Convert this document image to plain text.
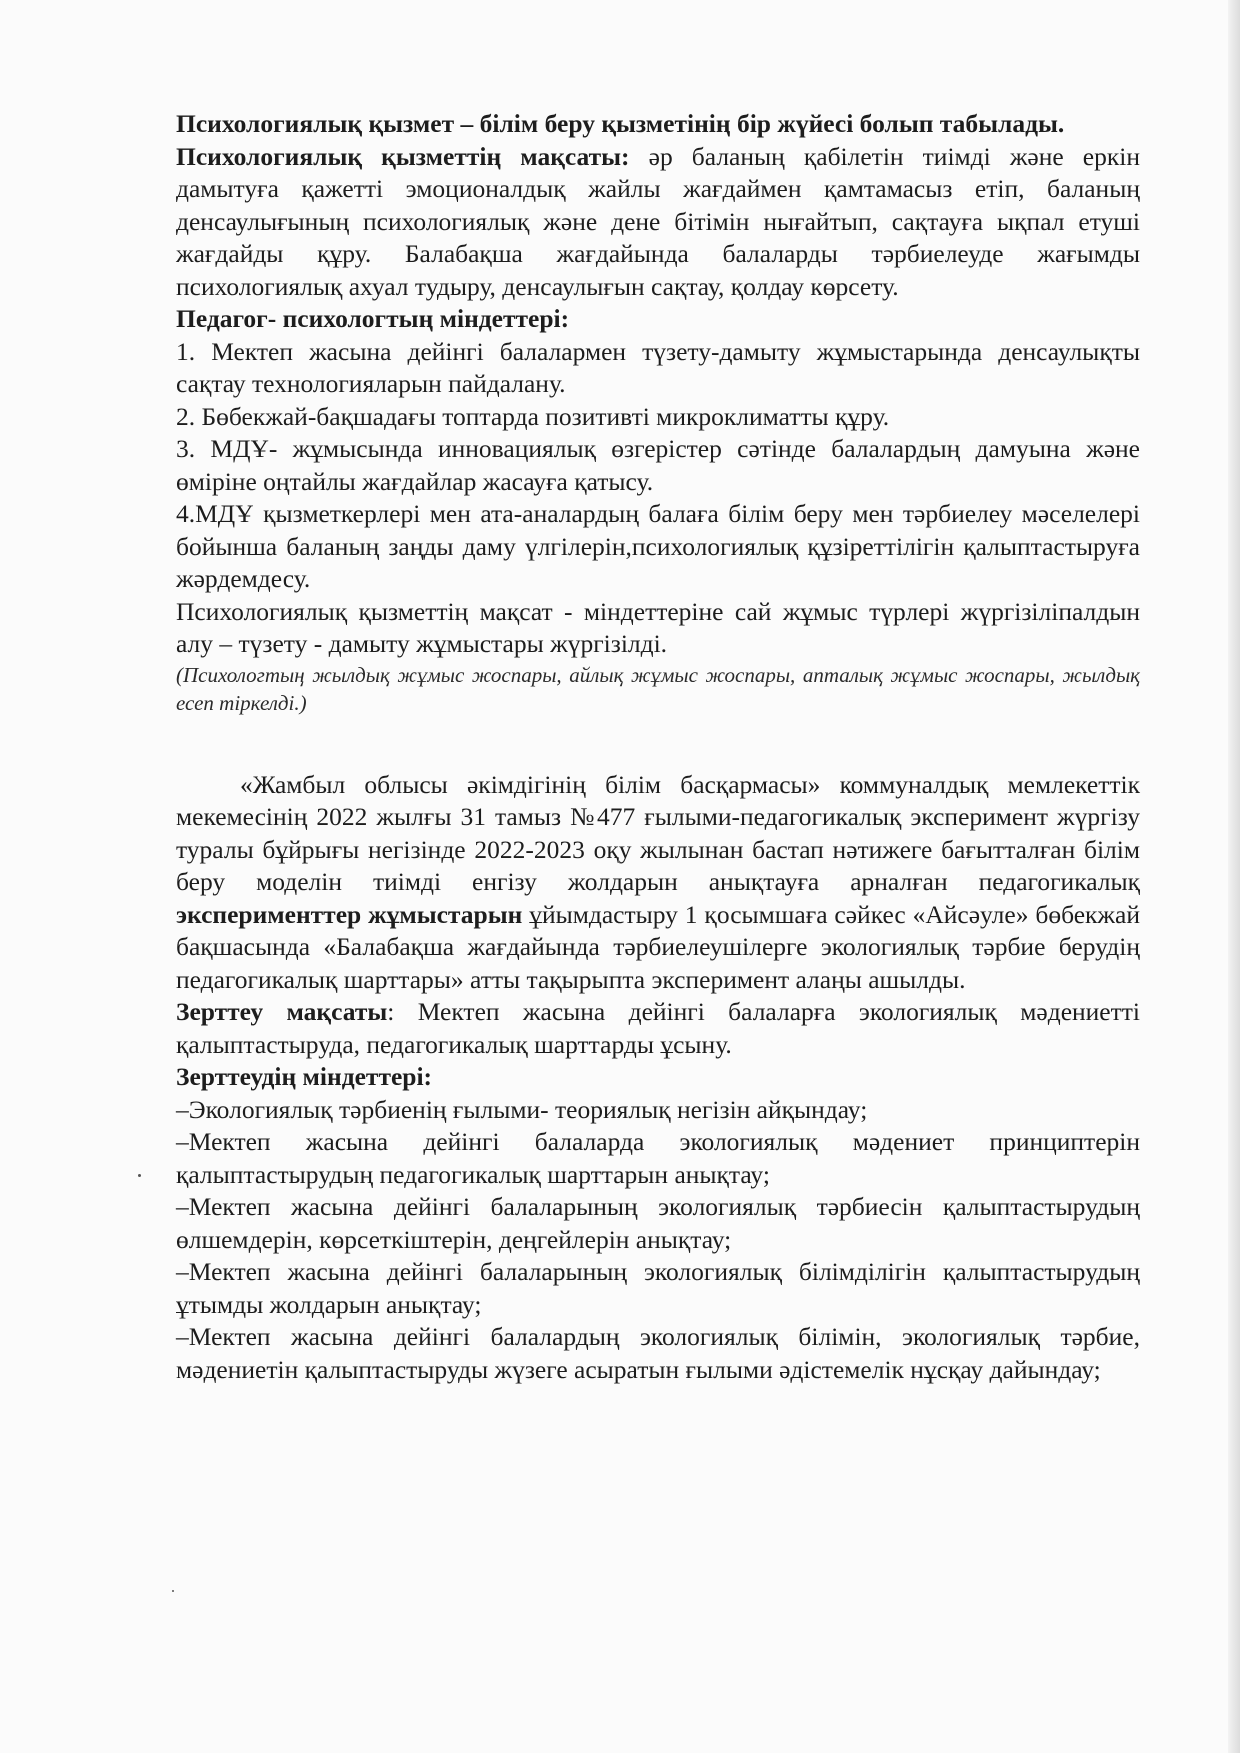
Психологиялық қызмет – білім беру қызметінің бір жүйесі болып табылады.

Психологиялық қызметтің мақсаты: әр баланың қабілетін тиімді және еркін дамытуға қажетті эмоционалдық жайлы жағдаймен қамтамасыз етіп, баланың денсаулығының психологиялық және дене бітімін нығайтып, сақтауға ықпал етуші жағдайды құру. Балабақша жағдайында балаларды тәрбиелеуде жағымды психологиялық ахуал тудыру, денсаулығын сақтау, қолдау көрсету.

Педагог- психологтың міндеттері:

1. Мектеп жасына дейінгі балалармен түзету-дамыту жұмыстарында денсаулықты сақтау технологияларын пайдалану.

2. Бөбекжай-бақшадағы топтарда позитивті микроклиматты құру.

3. МДҰ- жұмысында инновациялық өзгерістер сәтінде балалардың дамуына және өміріне оңтайлы жағдайлар жасауға қатысу.

4.МДҰ қызметкерлері мен ата-аналардың балаға білім беру мен тәрбиелеу мәселелері бойынша баланың заңды даму үлгілерін,психологиялық құзіреттілігін қалыптастыруға жәрдемдесу.

Психологиялық қызметтің мақсат - міндеттеріне сай жұмыс түрлері жүргізіліпалдын алу – түзету - дамыту жұмыстары жүргізілді.

(Психологтың жылдық жұмыс жоспары, айлық жұмыс жоспары, апталық жұмыс жоспары, жылдық есеп тіркелді.)

«Жамбыл облысы әкімдігінің білім басқармасы» коммуналдық мемлекеттік мекемесінің 2022 жылғы 31 тамыз №477 ғылыми-педагогикалық эксперимент жүргізу туралы бұйрығы негізінде 2022-2023 оқу жылынан бастап нәтижеге бағытталған білім беру моделін тиімді енгізу жолдарын анықтауға арналған педагогикалық эксперименттер жұмыстарын ұйымдастыру 1 қосымшаға сәйкес «Айсәуле» бөбекжай бақшасында «Балабақша жағдайында тәрбиелеушілерге экологиялық тәрбие берудің педагогикалық шарттары» атты тақырыпта эксперимент алаңы ашылды.

Зерттеу мақсаты: Мектеп жасына дейінгі балаларға экологиялық мәдениетті қалыптастыруда, педагогикалық шарттарды ұсыну.

Зерттеудің міндеттері:

–Экологиялық тәрбиенің ғылыми- теориялық негізін айқындау;

–Мектеп жасына дейінгі балаларда экологиялық мәдениет принциптерін қалыптастырудың педагогикалық шарттарын анықтау;

–Мектеп жасына дейінгі балаларының экологиялық тәрбиесін қалыптастырудың өлшемдерін, көрсеткіштерін, деңгейлерін анықтау;

–Мектеп жасына дейінгі балаларының экологиялық білімділігін қалыптастырудың ұтымды жолдарын анықтау;

–Мектеп жасына дейінгі балалардың экологиялық білімін, экологиялық тәрбие, мәдениетін қалыптастыруды жүзеге асыратын ғылыми әдістемелік нұсқау дайындау;
